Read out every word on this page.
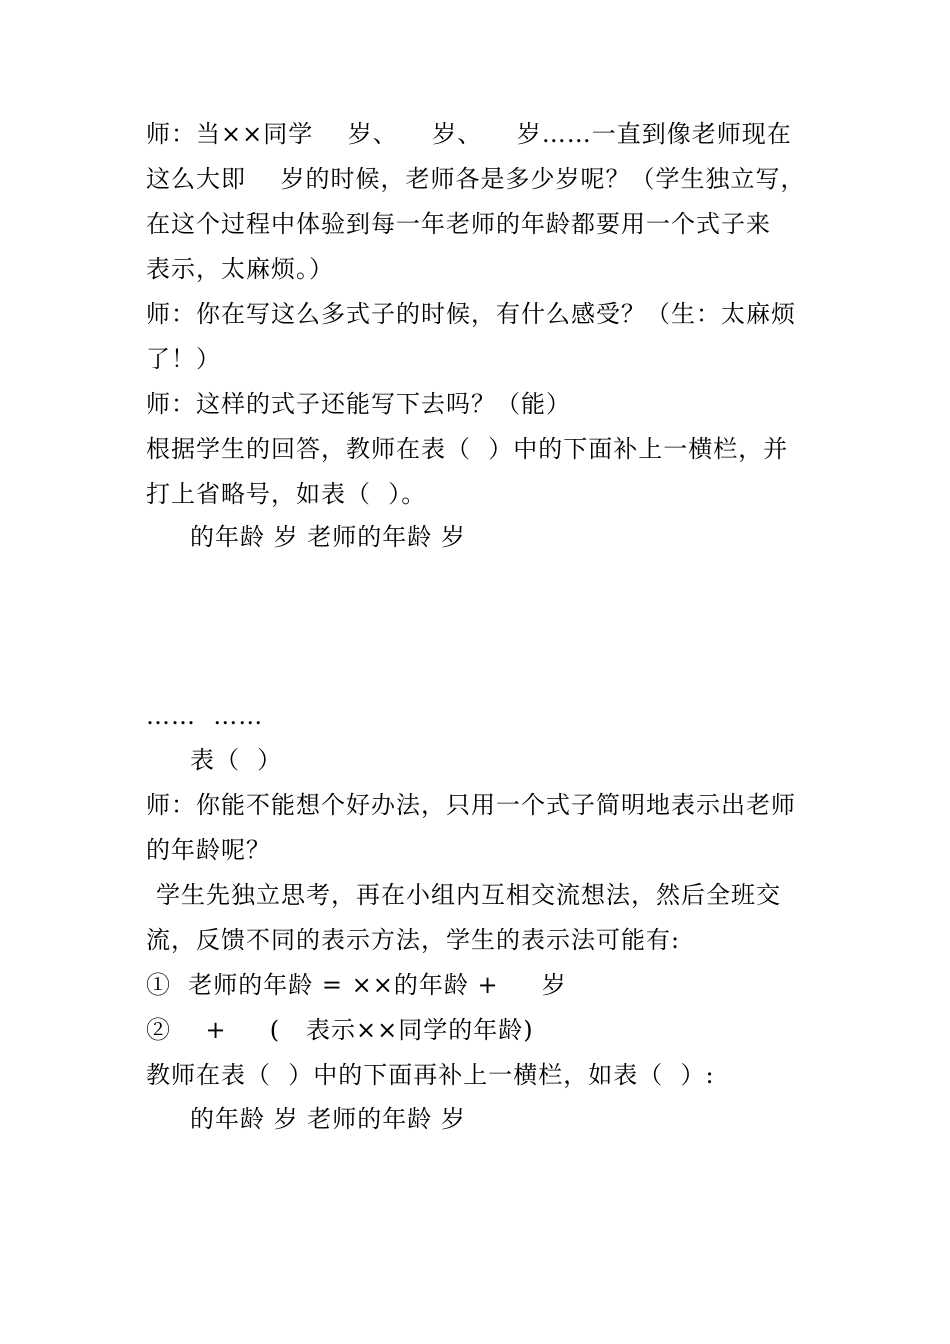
师：当××同学    岁、    岁、    岁……一直到像老师现在
这么大即    岁的时候，老师各是多少岁呢？（学生独立写，
在这个过程中体验到每一年老师的年龄都要用一个式子来
表示，太麻烦。）
师：你在写这么多式子的时候，有什么感受？（生：太麻烦
了！）
师：这样的式子还能写下去吗？（能）
根据学生的回答，教师在表（  ）中的下面补上一横栏，并
打上省略号，如表（  ）。
的年龄 岁 老师的年龄 岁
……  ……
表（  ）
师：你能不能想个好办法，只用一个式子简明地表示出老师
的年龄呢？
学生先独立思考，再在小组内互相交流想法，然后全班交
流，反馈不同的表示方法，学生的表示法可能有:
①  老师的年龄 = ××的年龄 +     岁
②    +     (   表示××同学的年龄)
教师在表（  ）中的下面再补上一横栏，如表（  ）:
的年龄 岁 老师的年龄 岁
